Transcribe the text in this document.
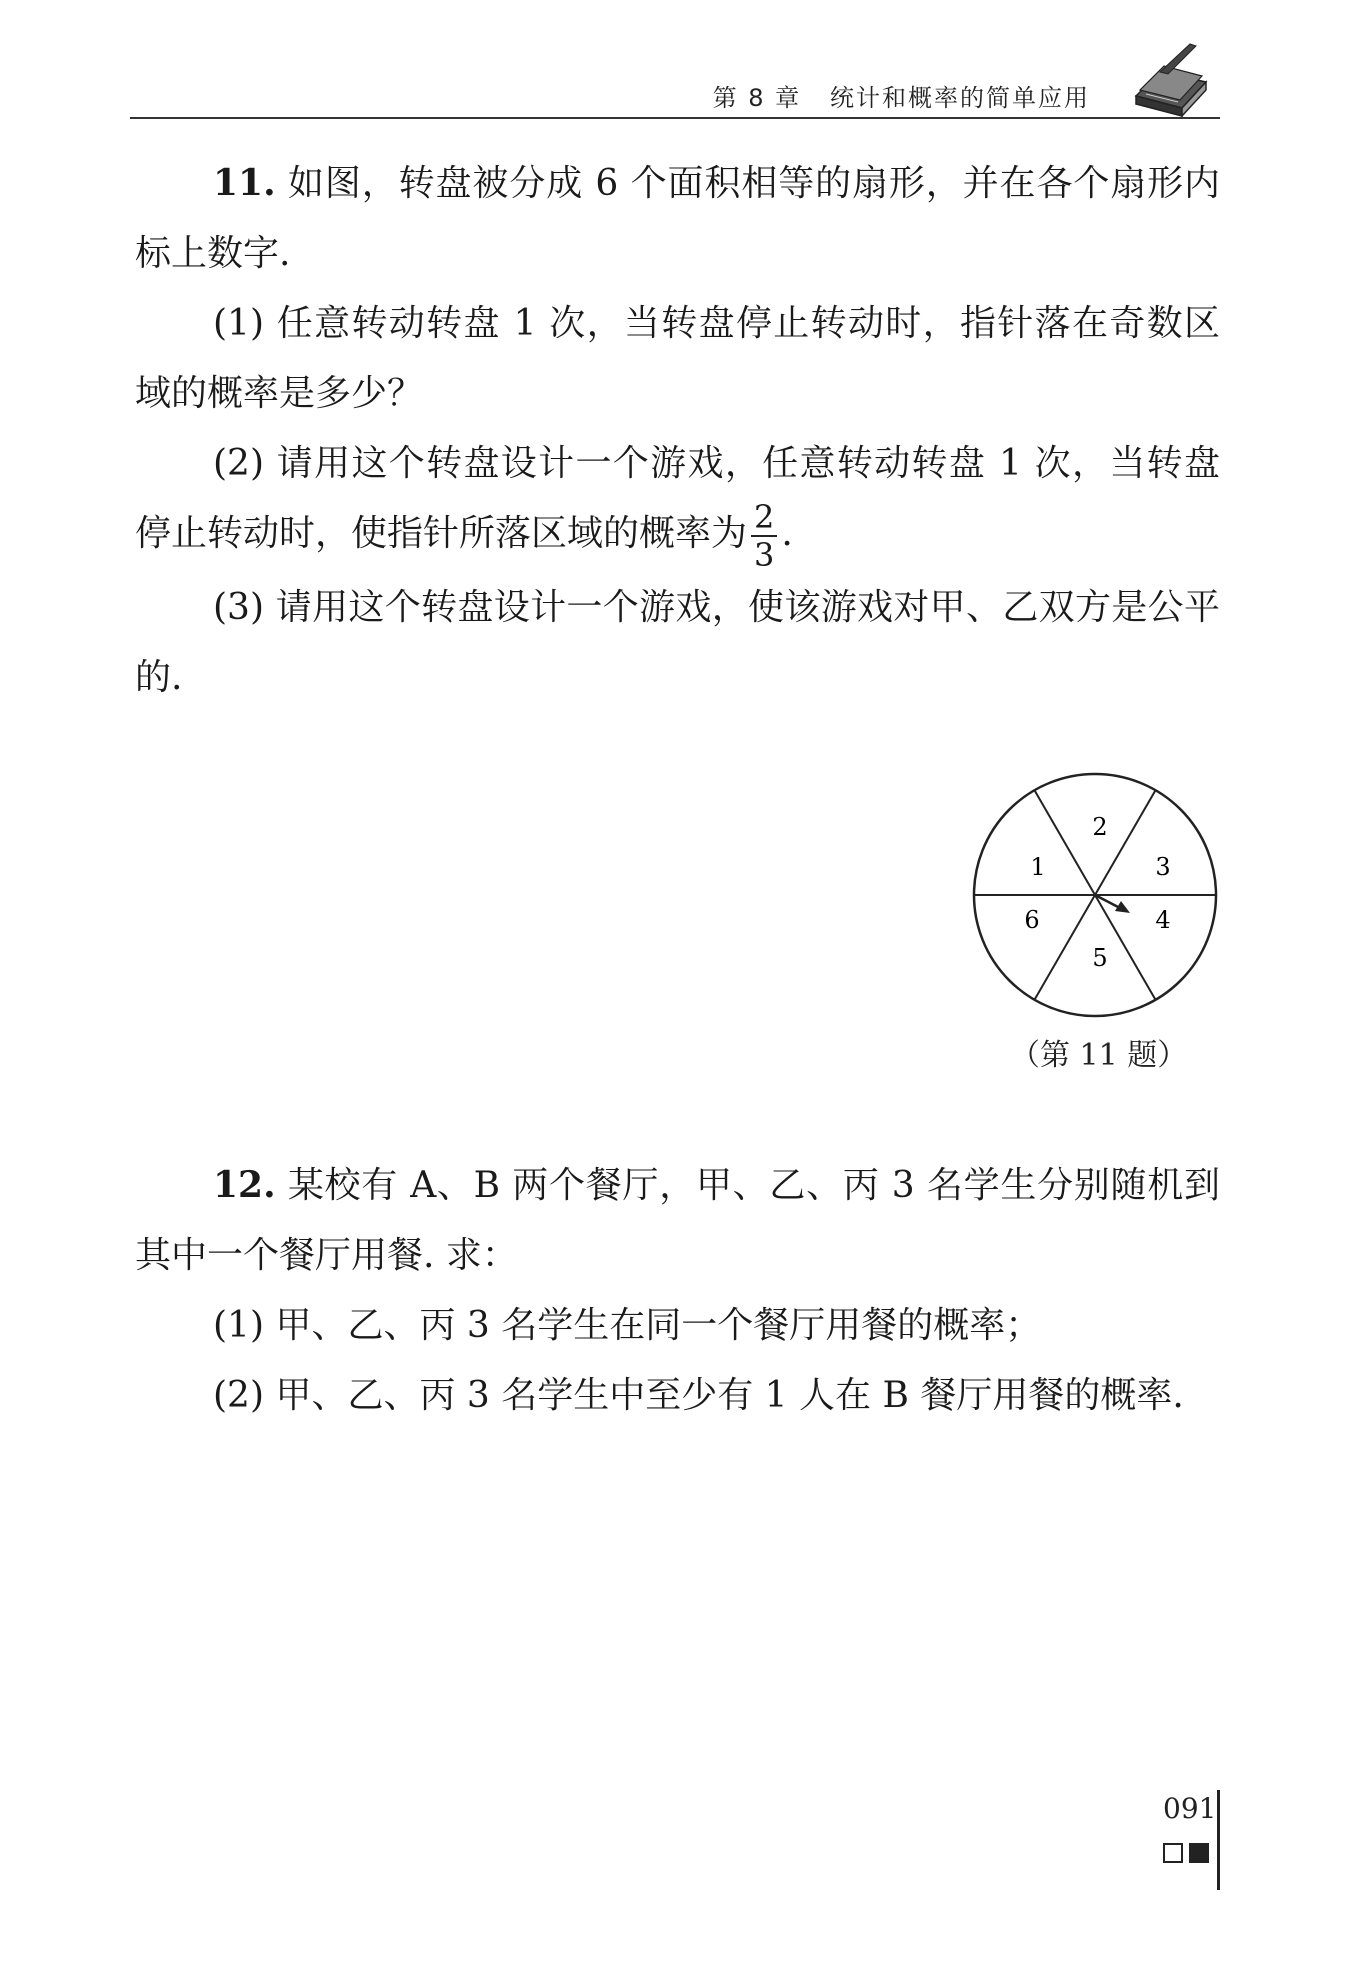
第 8 章   统计和概率的简单应用

11. 如图，转盘被分成 6 个面积相等的扇形，并在各个扇形内标上数字.

(1) 任意转动转盘 1 次，当转盘停止转动时，指针落在奇数区域的概率是多少？

(2) 请用这个转盘设计一个游戏，任意转动转盘 1 次，当转盘停止转动时，使指针所落区域的概率为 $\frac{2}{3}$ .

(3) 请用这个转盘设计一个游戏，使该游戏对甲、乙双方是公平的.

1
2
3
4
5
6
（第 11 题）

12. 某校有 A、B 两个餐厅，甲、乙、丙 3 名学生分别随机到其中一个餐厅用餐. 求：

(1) 甲、乙、丙 3 名学生在同一个餐厅用餐的概率；

(2) 甲、乙、丙 3 名学生中至少有 1 人在 B 餐厅用餐的概率.

091
